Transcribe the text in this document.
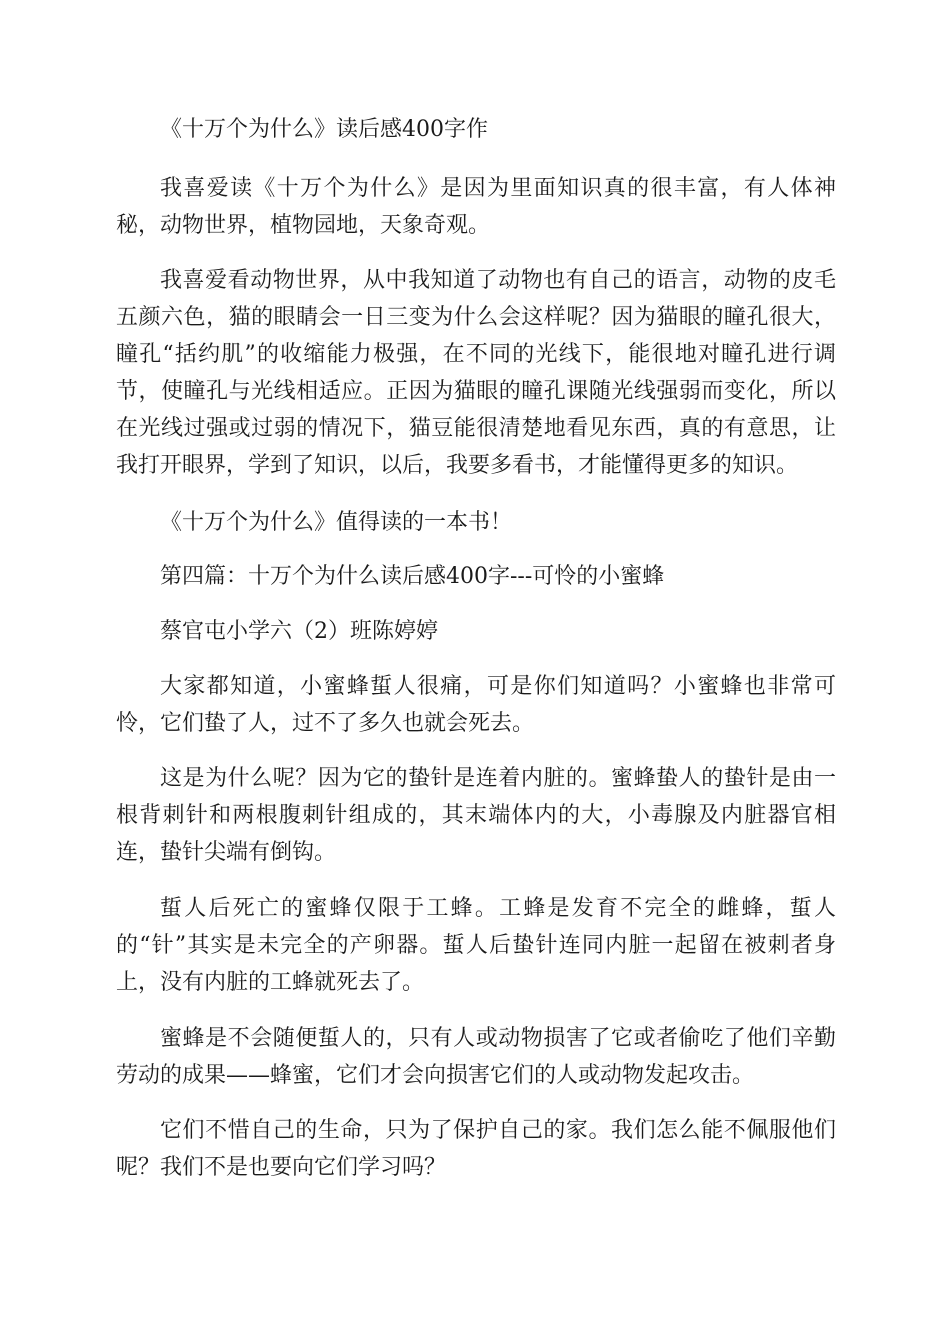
《十万个为什么》读后感400字作

我喜爱读《十万个为什么》是因为里面知识真的很丰富，有人体神秘，动物世界，植物园地，天象奇观。

我喜爱看动物世界，从中我知道了动物也有自己的语言，动物的皮毛五颜六色，猫的眼睛会一日三变为什么会这样呢？因为猫眼的瞳孔很大，瞳孔“括约肌”的收缩能力极强，在不同的光线下，能很地对瞳孔进行调节，使瞳孔与光线相适应。正因为猫眼的瞳孔课随光线强弱而变化，所以在光线过强或过弱的情况下，猫豆能很清楚地看见东西，真的有意思，让我打开眼界，学到了知识，以后，我要多看书，才能懂得更多的知识。

《十万个为什么》值得读的一本书！

第四篇：十万个为什么读后感400字---可怜的小蜜蜂

蔡官屯小学六（2）班陈婷婷

大家都知道，小蜜蜂蜇人很痛，可是你们知道吗？小蜜蜂也非常可怜，它们蛰了人，过不了多久也就会死去。

这是为什么呢？因为它的蛰针是连着内脏的。蜜蜂蛰人的蛰针是由一根背刺针和两根腹刺针组成的，其末端体内的大，小毒腺及内脏器官相连，蛰针尖端有倒钩。

蜇人后死亡的蜜蜂仅限于工蜂。工蜂是发育不完全的雌蜂，蜇人的“针”其实是未完全的产卵器。蜇人后蛰针连同内脏一起留在被刺者身上，没有内脏的工蜂就死去了。

蜜蜂是不会随便蜇人的，只有人或动物损害了它或者偷吃了他们辛勤劳动的成果——蜂蜜，它们才会向损害它们的人或动物发起攻击。

它们不惜自己的生命，只为了保护自己的家。我们怎么能不佩服他们呢？我们不是也要向它们学习吗？
